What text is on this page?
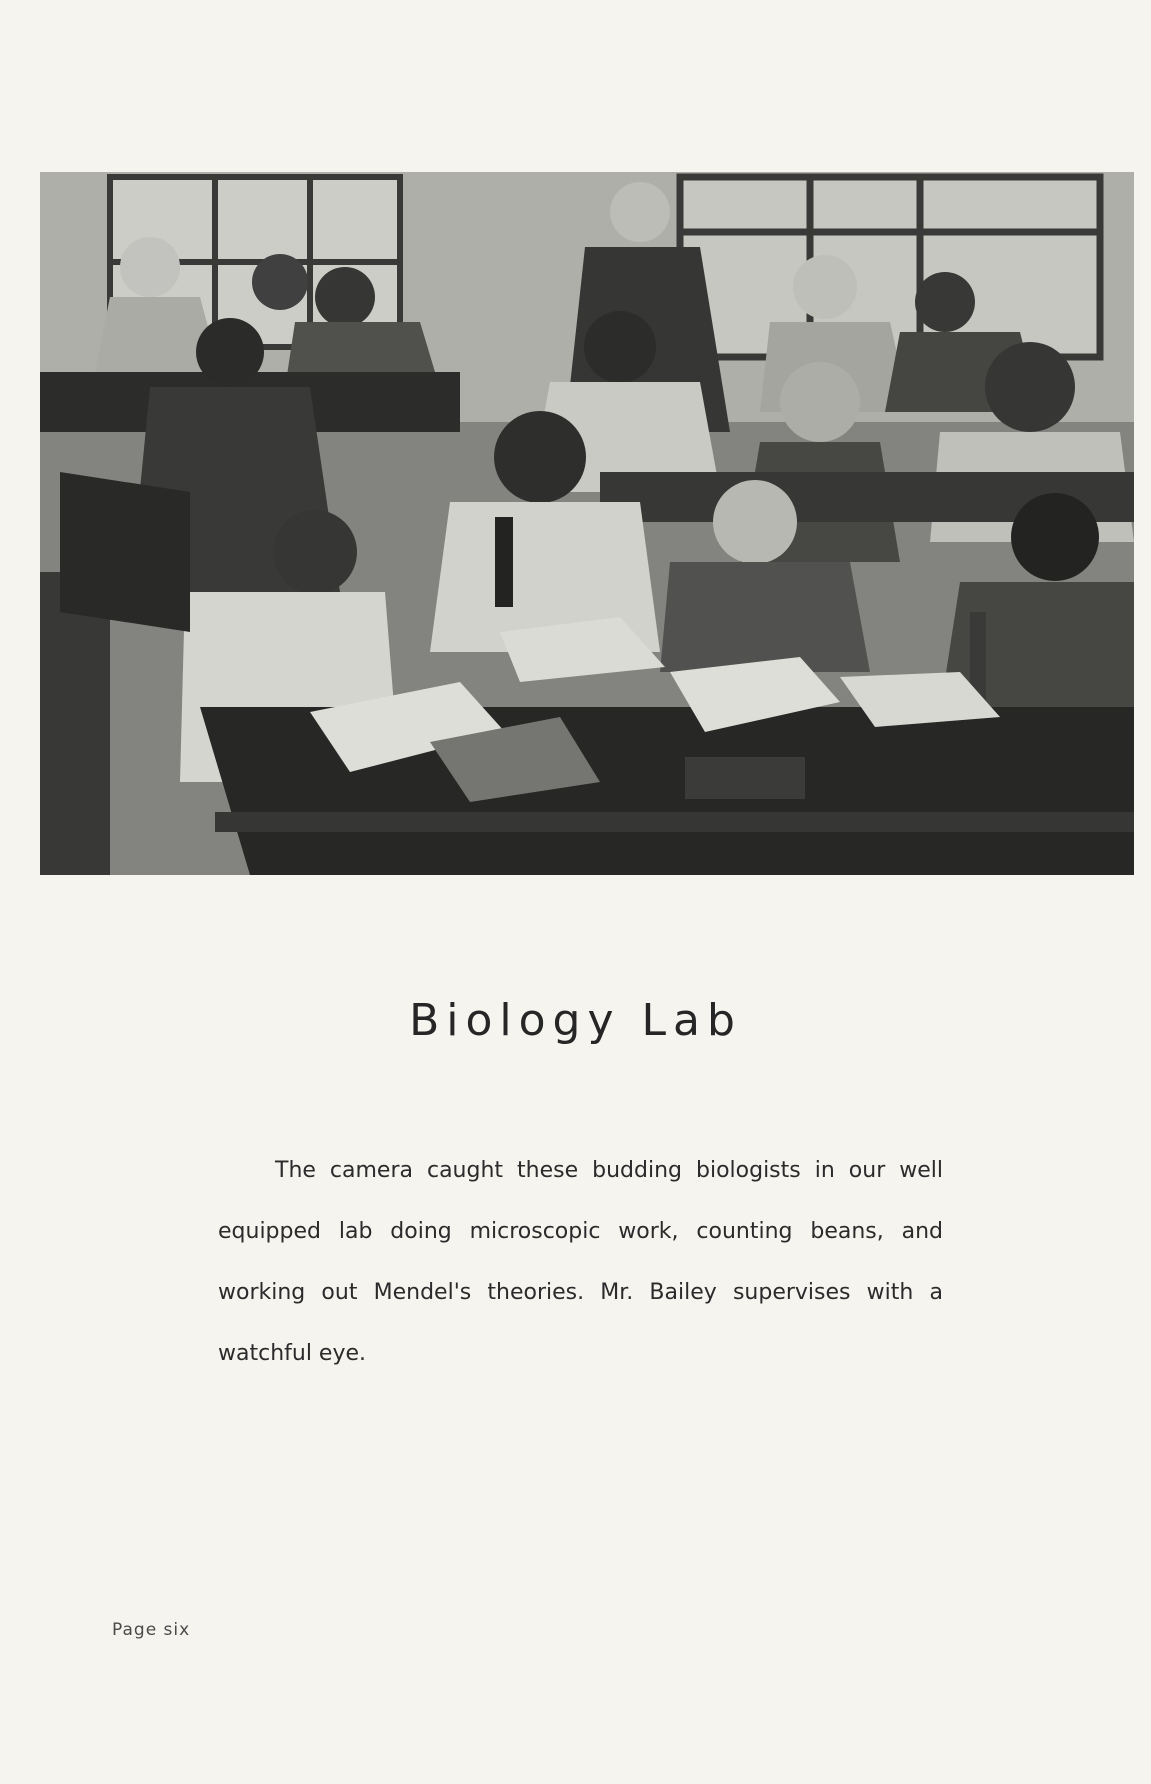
Biology Lab

The camera caught these budding biologists in our well equipped lab doing microscopic work, counting beans, and working out Mendel's theories. Mr. Bailey supervises with a watchful eye.

Page six
